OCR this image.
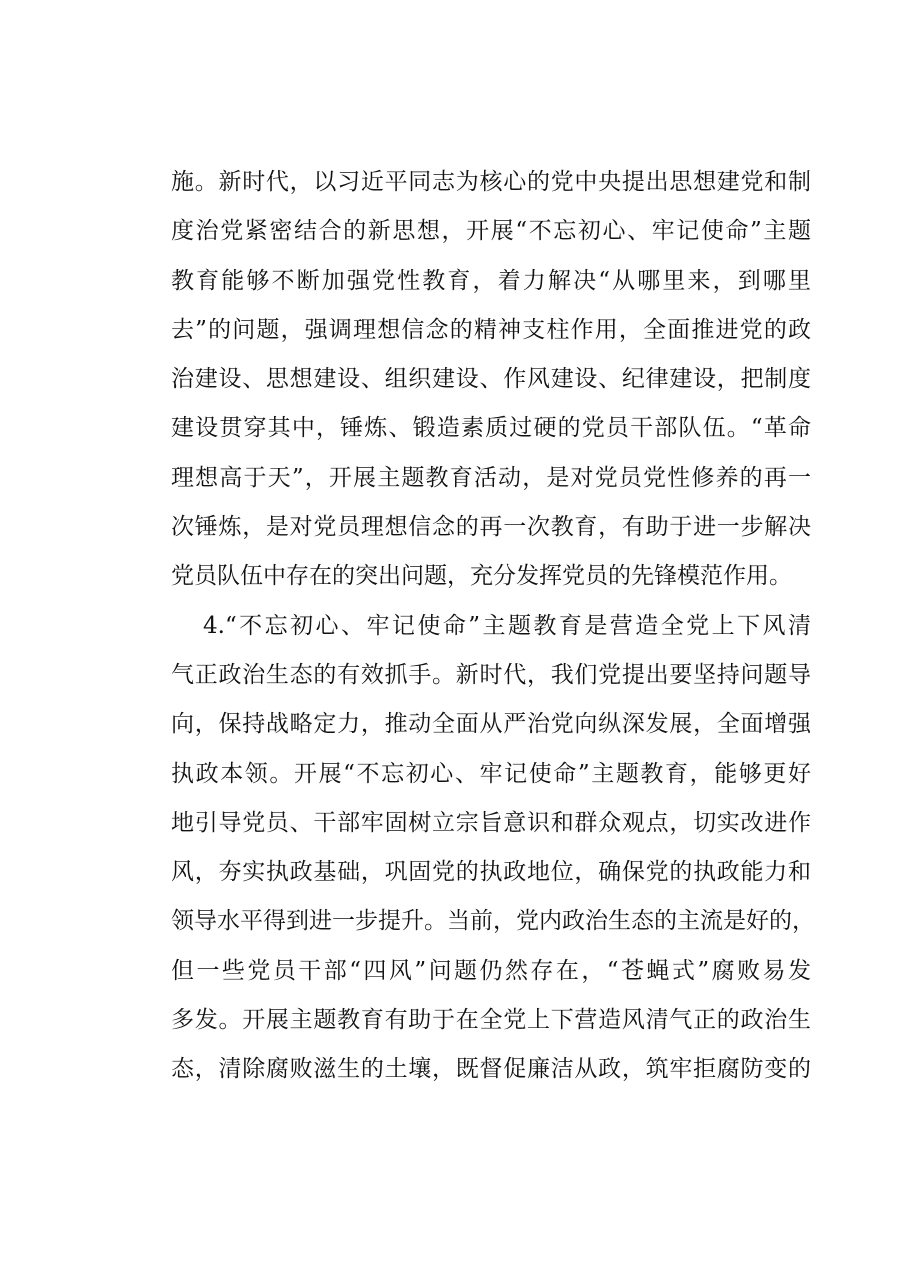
施。新时代，以习近平同志为核心的党中央提出思想建党和制
度治党紧密结合的新思想，开展“不忘初心、牢记使命”主题
教育能够不断加强党性教育，着力解决“从哪里来，到哪里
去”的问题，强调理想信念的精神支柱作用，全面推进党的政
治建设、思想建设、组织建设、作风建设、纪律建设，把制度
建设贯穿其中，锤炼、锻造素质过硬的党员干部队伍。“革命
理想高于天”，开展主题教育活动，是对党员党性修养的再一
次锤炼，是对党员理想信念的再一次教育，有助于进一步解决
党员队伍中存在的突出问题，充分发挥党员的先锋模范作用。
4.“不忘初心、牢记使命”主题教育是营造全党上下风清
气正政治生态的有效抓手。新时代，我们党提出要坚持问题导
向，保持战略定力，推动全面从严治党向纵深发展，全面增强
执政本领。开展“不忘初心、牢记使命”主题教育，能够更好
地引导党员、干部牢固树立宗旨意识和群众观点，切实改进作
风，夯实执政基础，巩固党的执政地位，确保党的执政能力和
领导水平得到进一步提升。当前，党内政治生态的主流是好的，
但一些党员干部“四风”问题仍然存在，“苍蝇式”腐败易发
多发。开展主题教育有助于在全党上下营造风清气正的政治生
态，清除腐败滋生的土壤，既督促廉洁从政，筑牢拒腐防变的
